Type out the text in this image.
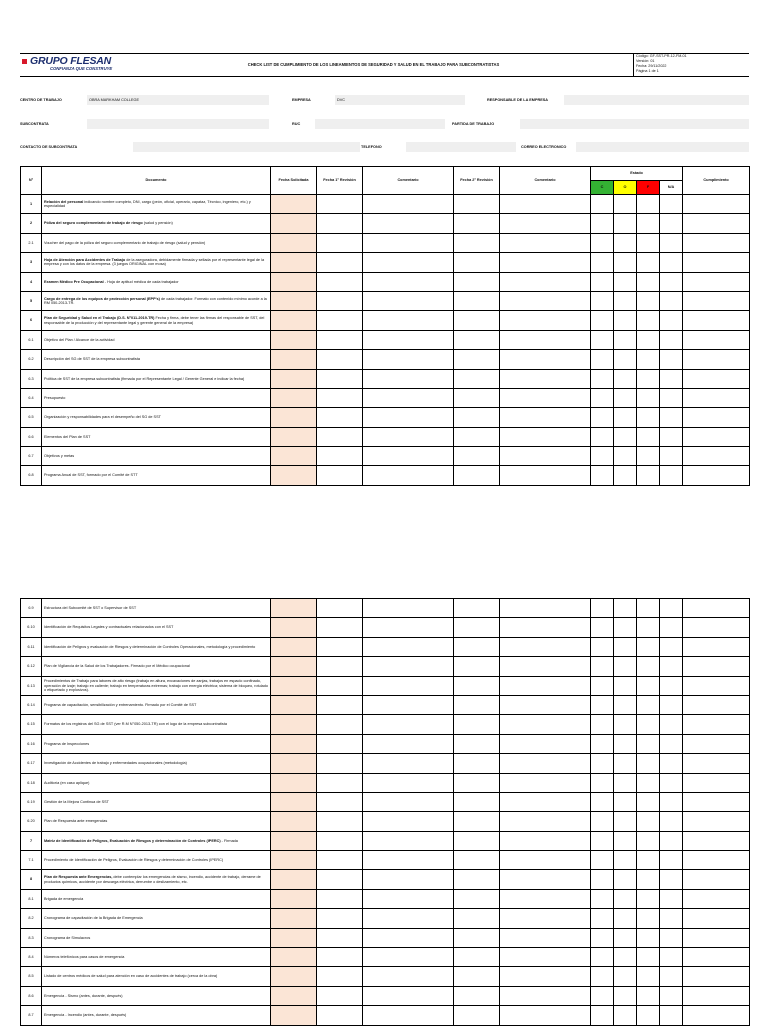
GRUPO FLESAN
CONFIANZA QUE CONSTRUYE
CHECK LIST DE CUMPLIMIENTO DE LOS LINEAMIENTOS DE SEGURIDAD Y SALUD EN EL TRABAJO PARA SUBCONTRATISTAS
Código: GF-SST-PR-12-FM-01
Versión: 01
Fecha: 29/11/2022
Página 1 de 1
CENTRO DE TRABAJO	OBRA MARKHAM COLLEGE	EMPRESA	DVC	RESPONSABLE DE LA EMPRESA
SUBCONTRATA	RUC	PARTIDA DE TRABAJO
CONTACTO DE SUBCONTRATA	TELEFONO	CORREO ELECTRONICO
N°	Documento	Fecha Solicitada	Fecha 1° Revisión	Comentario	Fecha 2° Revisión	Comentario	Estado				Cumplimiento
							C	O	F	N/A	
1	Relación del personal indicando nombre completo, DNI, cargo (peón, oficial, operario, capataz, Técnico, ingeniero, etc.) y especialidad										
2	Póliza del seguro complementario de trabajo de riesgo (salud y pensión)										
2.1	Voucher del pago de la póliza del seguro complementario de trabajo de riesgo (salud y pensión)										
3	Hoja de Atención para Accidentes de Trabajo de la aseguradora, debidamente firmada y sellada por el representante legal de la empresa y con los datos de la empresa. (3 juegos ORIGINAL con mosa)										
4	Examen Médico Pre Ocupacional - Hoja de aptitud médica de cada trabajador										
5	Cargo de entrega de los equipos de protección personal (EPP's) de cada trabajador. Formato con contenido mínimo acorde a la RM 050-2013-TR.										
6	Plan de Seguridad y Salud en el Trabajo (D.S. N°011-2019-TR) Fecha y firma, debe tener las firmas del responsable de SST, del responsable de la producción y del representante legal y gerente general de la empresa)										
6.1	Objetivo del Plan / Alcance de la actividad										
6.2	Descripción del SG de SST de la empresa subcontratista										
6.3	Política de SST de la empresa subcontratista (firmada por el Representante Legal / Gerente General e indicar la fecha)										
6.4	Presupuesto										
6.5	Organización y responsabilidades para el desempeño del SG de SST										
6.6	Elementos del Plan de SST										
6.7	Objetivos y metas										
6.8	Programa Anual de SST, formado por el Comité de STT										
6.9	Estructura del Subcomité de SST o Supervisor de SST										
6.10	Identificación de Requisitos Legales y contractuales relacionados con el SST										
6.11	Identificación de Peligros y evaluación de Riesgos y determinación de Controles Operacionales, metodología y procedimiento										
6.12	Plan de Vigilancia de la Salud de los Trabajadores. Firmado por el Médico ocupacional										
6.13	Procedimientos de Trabajo para labores de alto riesgo (trabajo en altura, excavaciones de zanjas, trabajos en espacio confinado, operación de izaje; trabajo en caliente; trabajo en temperaturas extremas; trabajo con energía eléctrica; sistema de bloqueo, rotulado o etiquetado y explosivos).										
6.14	Programa de capacitación, sensibilización y entrenamiento. Firmado por el Comité de SST										
6.15	Formatos de los registros del SG de SST (ver R.M N°050-2013-TR) con el logo de la empresa subcontratista										
6.16	Programa de Inspecciones										
6.17	Investigación de Accidentes de trabajo y enfermedades ocupacionales (metodología)										
6.18	Auditoría (en caso aplique)										
6.19	Gestión de la Mejora Continua de SST										
6.20	Plan de Respuesta ante emergencias										
7	Matriz de Identificación de Peligros, Evaluación de Riesgos y determinación de Controles (IPERC) - Firmada										
7.1	Procedimiento de Identificación de Peligros, Evaluación de Riesgos y determinación de Controles (IPERC)										
8	Plan de Respuesta ante Emergencias, debe contemplar los emergencias de sismo, incendio, accidente de trabajo, derrame de productos químicos, accidente por descarga eléctrica, derrumbe o deslizamiento, etc.										
8.1	Brigada de emergencia										
8.2	Cronograma de capacitación de la Brigada de Emergencia										
8.3	Cronograma de Simulacros										
8.4	Números telefónicos para casos de emergencia										
8.5	Listado de centros médicos de salud para atención en caso de accidentes de trabajo (cerca de la obra)										
8.6	Emergencia - Sismo (antes, durante, después)										
8.7	Emergencia - Incendio (antes, durante, después)										
